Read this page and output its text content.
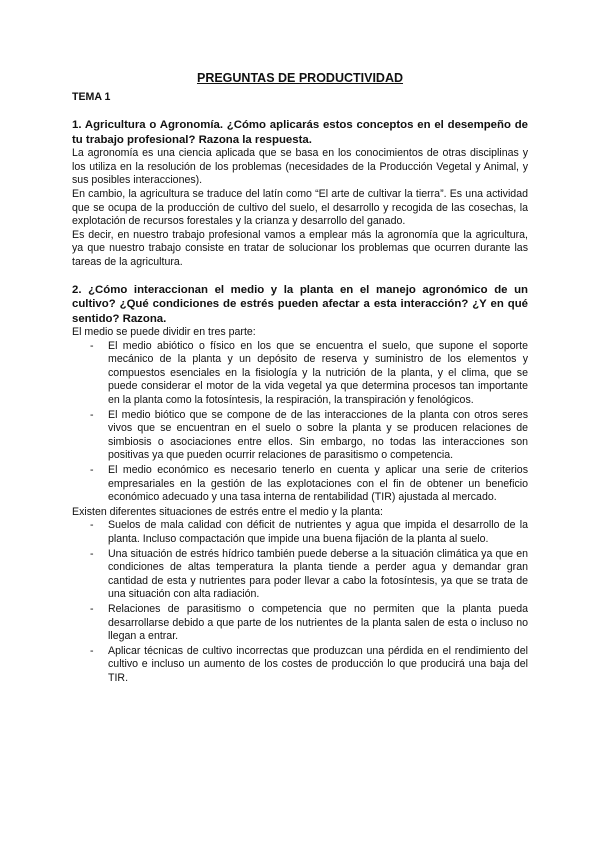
PREGUNTAS DE PRODUCTIVIDAD
TEMA 1

1. Agricultura o Agronomía. ¿Cómo aplicarás estos conceptos en el desempeño de tu trabajo profesional? Razona la respuesta.

La agronomía es una ciencia aplicada que se basa en los conocimientos de otras disciplinas y los utiliza en la resolución de los problemas (necesidades de la Producción Vegetal y Animal, y sus posibles interacciones).

En cambio, la agricultura se traduce del latín como “El arte de cultivar la tierra”. Es una actividad que se ocupa de la producción de cultivo del suelo, el desarrollo y recogida de las cosechas, la explotación de recursos forestales y la crianza y desarrollo del ganado.

Es decir, en nuestro trabajo profesional vamos a emplear más la agronomía que la agricultura, ya que nuestro trabajo consiste en tratar de solucionar los problemas que ocurren durante las tareas de la agricultura.

2. ¿Cómo interaccionan el medio y la planta en el manejo agronómico de un cultivo? ¿Qué condiciones de estrés pueden afectar a esta interacción? ¿Y en qué sentido? Razona.

El medio se puede dividir en tres parte:

- El medio abiótico o físico en los que se encuentra el suelo, que supone el soporte mecánico de la planta y un depósito de reserva y suministro de los elementos y compuestos esenciales en la fisiología y la nutrición de la planta, y el clima, que se puede considerar el motor de la vida vegetal ya que determina procesos tan importante en la planta como la fotosíntesis, la respiración, la transpiración y fenológicos.
- El medio biótico que se compone de de las interacciones de la planta con otros seres vivos que se encuentran en el suelo o sobre la planta y se producen relaciones de simbiosis o asociaciones entre ellos. Sin embargo, no todas las interacciones son positivas ya que pueden ocurrir relaciones de parasitismo o competencia.
- El medio económico es necesario tenerlo en cuenta y aplicar una serie de criterios empresariales en la gestión de las explotaciones con el fin de obtener un beneficio económico adecuado y una tasa interna de rentabilidad (TIR) ajustada al mercado.

Existen diferentes situaciones de estrés entre el medio y la planta:

- Suelos de mala calidad con déficit de nutrientes y agua que impida el desarrollo de la planta. Incluso compactación que impide una buena fijación de la planta al suelo.
- Una situación de estrés hídrico también puede deberse a la situación climática ya que en condiciones de altas temperatura la planta tiende a perder agua y demandar gran cantidad de esta y nutrientes para poder llevar a cabo la fotosíntesis, ya que se trata de una situación con alta radiación.
- Relaciones de parasitismo o competencia que no permiten que la planta pueda desarrollarse debido a que parte de los nutrientes de la planta salen de esta o incluso no llegan a entrar.
- Aplicar técnicas de cultivo incorrectas que produzcan una pérdida en el rendimiento del cultivo e incluso un aumento de los costes de producción lo que producirá una baja del TIR.
